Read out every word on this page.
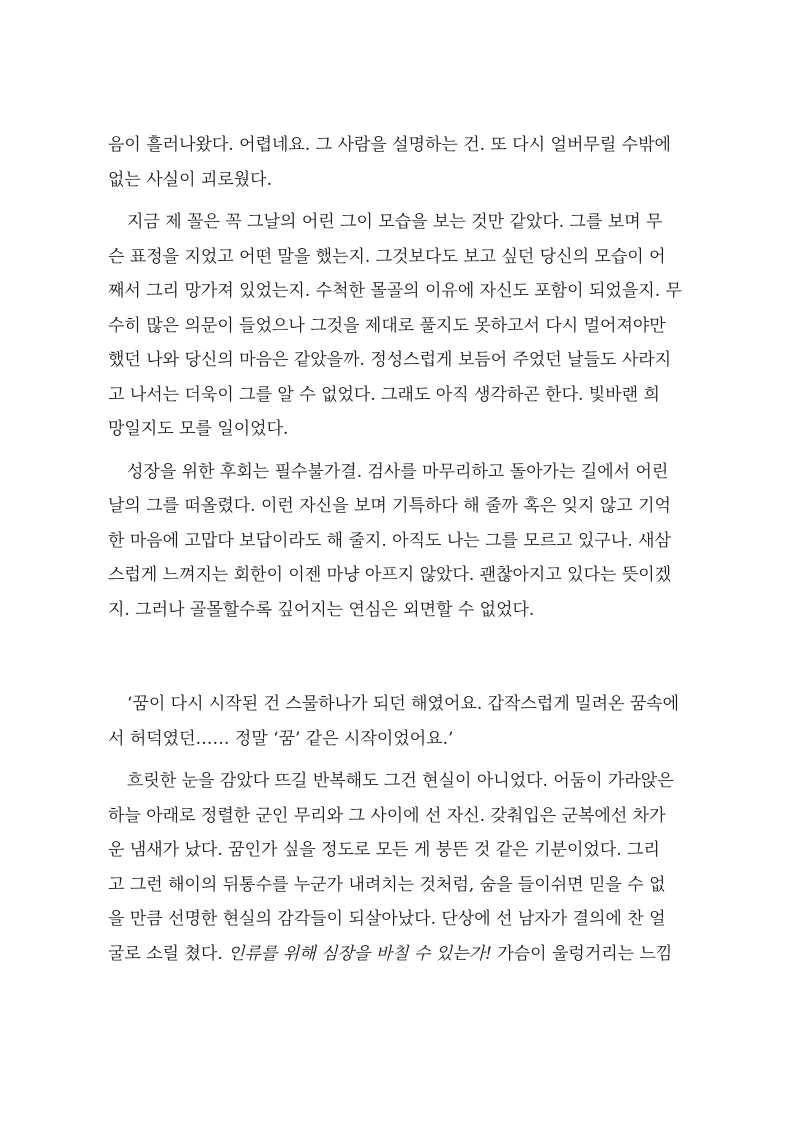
음이 흘러나왔다. 어렵네요. 그 사람을 설명하는 건. 또 다시 얼버무릴 수밖에
없는 사실이 괴로웠다.

지금 제 꼴은 꼭 그날의 어린 그이 모습을 보는 것만 같았다. 그를 보며 무
슨 표정을 지었고 어떤 말을 했는지. 그것보다도 보고 싶던 당신의 모습이 어
째서 그리 망가져 있었는지. 수척한 몰골의 이유에 자신도 포함이 되었을지. 무
수히 많은 의문이 들었으나 그것을 제대로 풀지도 못하고서 다시 멀어져야만
했던 나와 당신의 마음은 같았을까. 정성스럽게 보듬어 주었던 날들도 사라지
고 나서는 더욱이 그를 알 수 없었다. 그래도 아직 생각하곤 한다. 빛바랜 희
망일지도 모를 일이었다.

성장을 위한 후회는 필수불가결. 검사를 마무리하고 돌아가는 길에서 어린
날의 그를 떠올렸다. 이런 자신을 보며 기특하다 해 줄까 혹은 잊지 않고 기억
한 마음에 고맙다 보답이라도 해 줄지. 아직도 나는 그를 모르고 있구나. 새삼
스럽게 느껴지는 회한이 이젠 마냥 아프지 않았다. 괜찮아지고 있다는 뜻이겠
지. 그러나 골몰할수록 깊어지는 연심은 외면할 수 없었다.

‘꿈이 다시 시작된 건 스물하나가 되던 해였어요. 갑작스럽게 밀려온 꿈속에
서 허덕였던…… 정말 ‘꿈’ 같은 시작이었어요.’

흐릿한 눈을 감았다 뜨길 반복해도 그건 현실이 아니었다. 어둠이 가라앉은
하늘 아래로 정렬한 군인 무리와 그 사이에 선 자신. 갖춰입은 군복에선 차가
운 냄새가 났다. 꿈인가 싶을 정도로 모든 게 붕뜬 것 같은 기분이었다. 그리
고 그런 해이의 뒤통수를 누군가 내려치는 것처럼, 숨을 들이쉬면 믿을 수 없
을 만큼 선명한 현실의 감각들이 되살아났다. 단상에 선 남자가 결의에 찬 얼
굴로 소릴 쳤다. 인류를 위해 심장을 바칠 수 있는가! 가슴이 울렁거리는 느낌
